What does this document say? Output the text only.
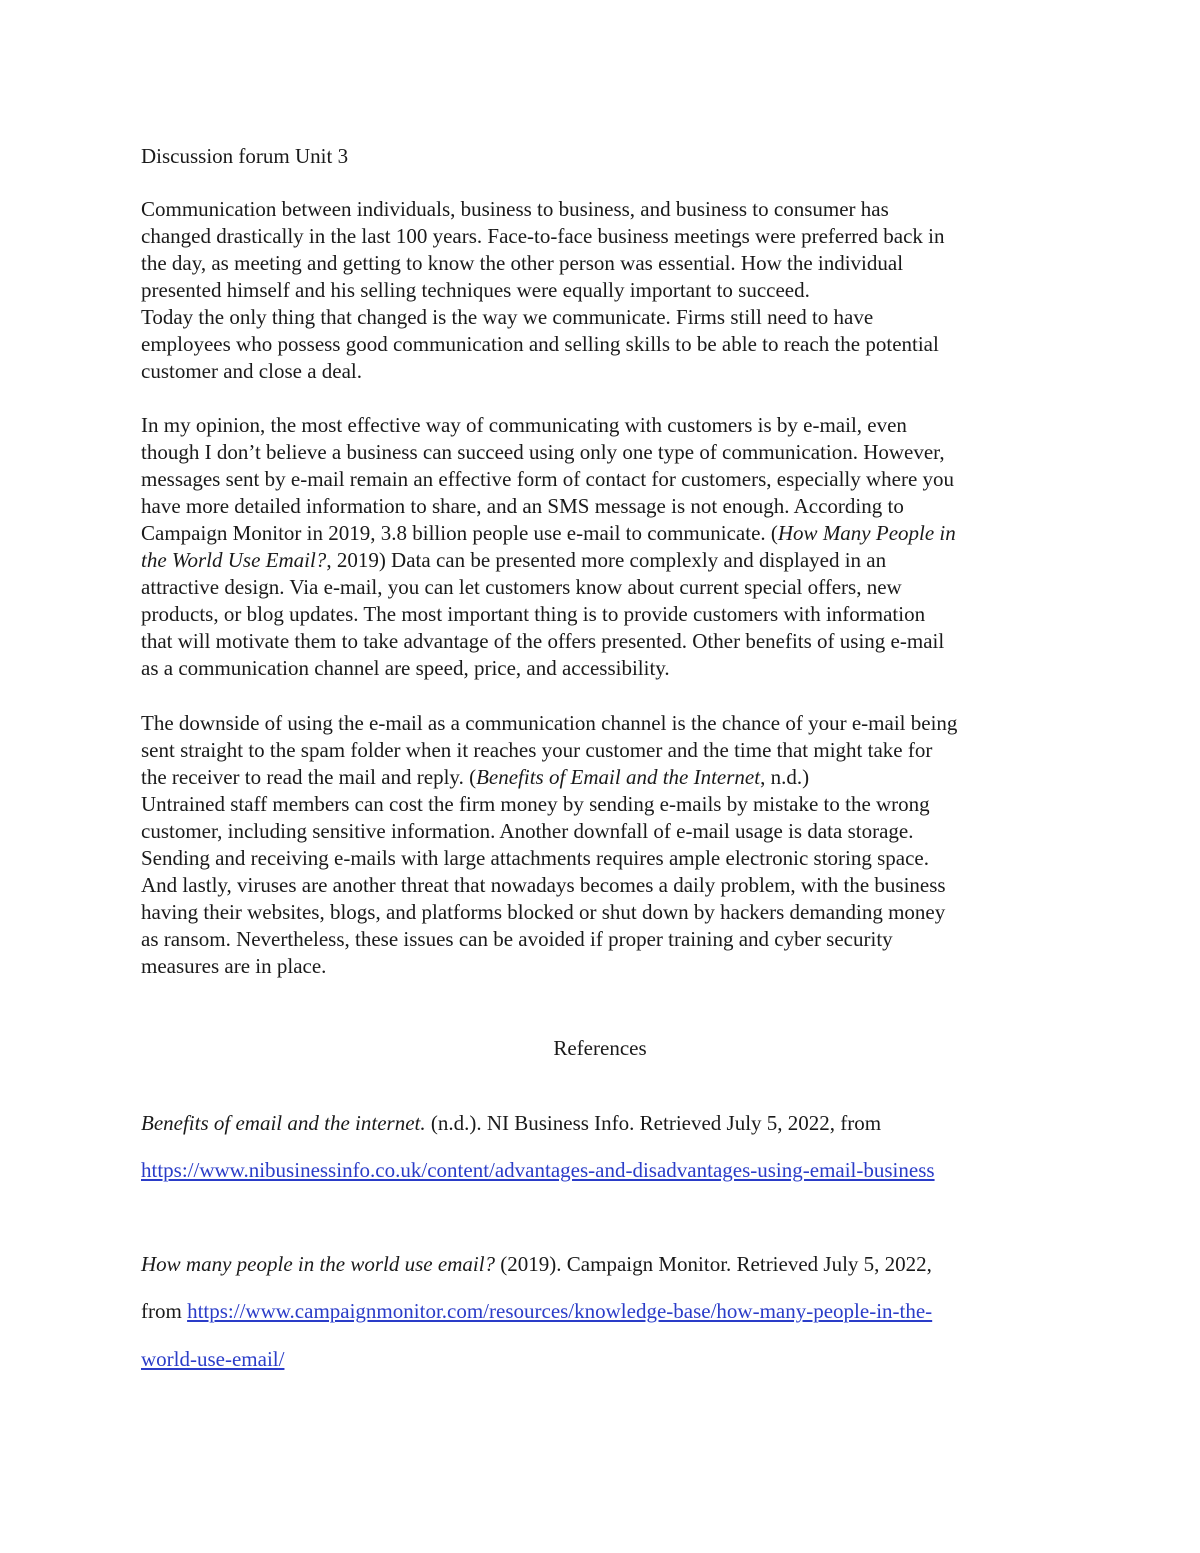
Discussion forum Unit 3
Communication between individuals, business to business, and business to consumer has
changed drastically in the last 100 years. Face-to-face business meetings were preferred back in
the day, as meeting and getting to know the other person was essential. How the individual
presented himself and his selling techniques were equally important to succeed.
Today the only thing that changed is the way we communicate. Firms still need to have
employees who possess good communication and selling skills to be able to reach the potential
customer and close a deal.
In my opinion, the most effective way of communicating with customers is by e-mail, even
though I don’t believe a business can succeed using only one type of communication. However,
messages sent by e-mail remain an effective form of contact for customers, especially where you
have more detailed information to share, and an SMS message is not enough. According to
Campaign Monitor in 2019, 3.8 billion people use e-mail to communicate. (How Many People in
the World Use Email?, 2019) Data can be presented more complexly and displayed in an
attractive design. Via e-mail, you can let customers know about current special offers, new
products, or blog updates. The most important thing is to provide customers with information
that will motivate them to take advantage of the offers presented. Other benefits of using e-mail
as a communication channel are speed, price, and accessibility.
The downside of using the e-mail as a communication channel is the chance of your e-mail being
sent straight to the spam folder when it reaches your customer and the time that might take for
the receiver to read the mail and reply. (Benefits of Email and the Internet, n.d.)
Untrained staff members can cost the firm money by sending e-mails by mistake to the wrong
customer, including sensitive information. Another downfall of e-mail usage is data storage.
Sending and receiving e-mails with large attachments requires ample electronic storing space.
And lastly, viruses are another threat that nowadays becomes a daily problem, with the business
having their websites, blogs, and platforms blocked or shut down by hackers demanding money
as ransom. Nevertheless, these issues can be avoided if proper training and cyber security
measures are in place.
References
Benefits of email and the internet. (n.d.). NI Business Info. Retrieved July 5, 2022, from
https://www.nibusinessinfo.co.uk/content/advantages-and-disadvantages-using-email-business
How many people in the world use email? (2019). Campaign Monitor. Retrieved July 5, 2022,
from https://www.campaignmonitor.com/resources/knowledge-base/how-many-people-in-the-
world-use-email/
